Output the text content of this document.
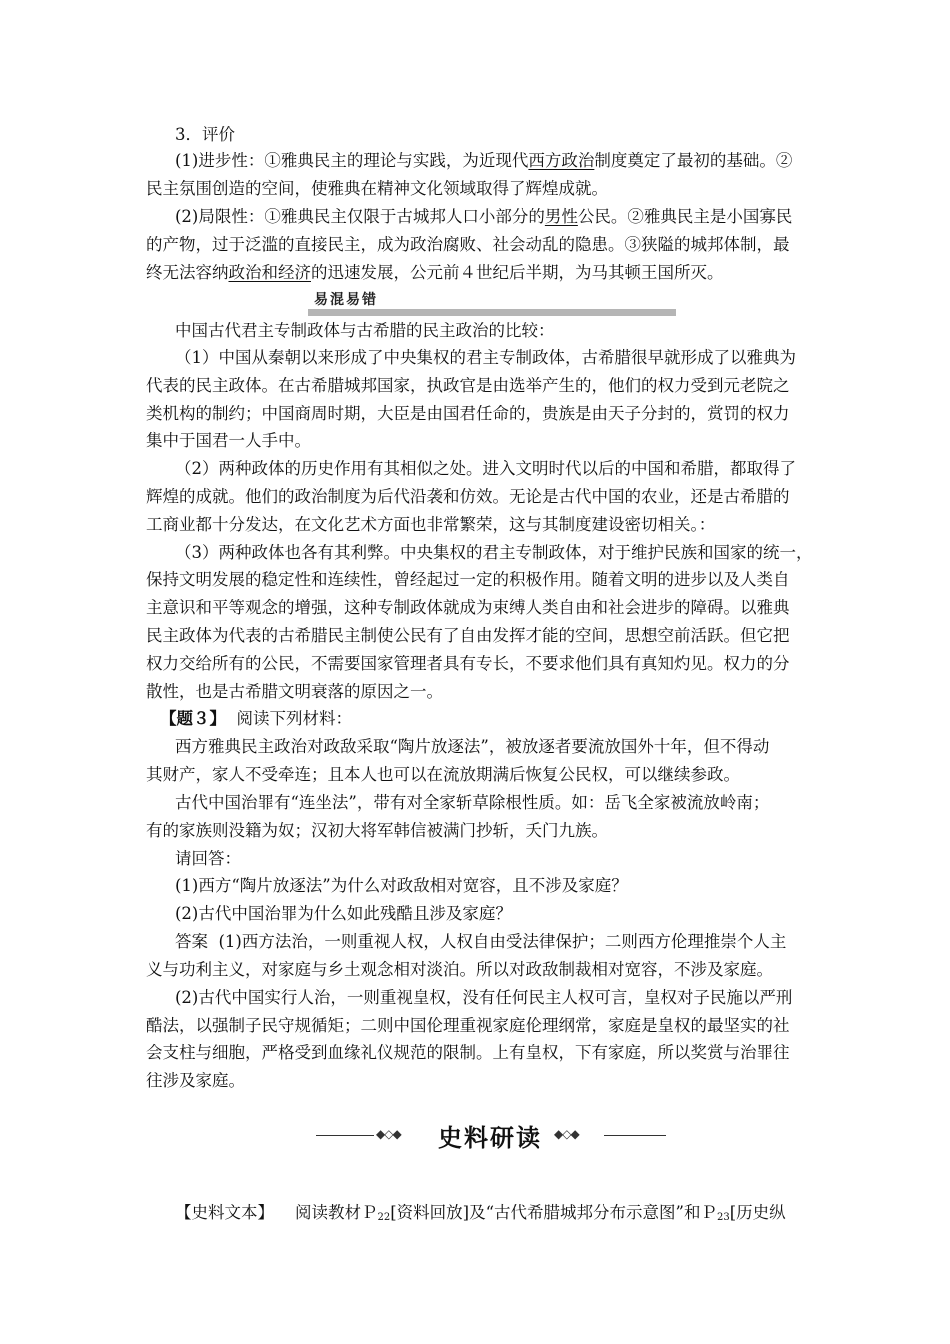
3．评价
(1)进步性：①雅典民主的理论与实践，为近现代西方政治制度奠定了最初的基础。②
民主氛围创造的空间，使雅典在精神文化领域取得了辉煌成就。
(2)局限性：①雅典民主仅限于古城邦人口小部分的男性公民。②雅典民主是小国寡民
的产物，过于泛滥的直接民主，成为政治腐败、社会动乱的隐患。③狭隘的城邦体制，最
终无法容纳政治和经济的迅速发展，公元前４世纪后半期，为马其顿王国所灭。
易混易错
中国古代君主专制政体与古希腊的民主政治的比较：
（1）中国从秦朝以来形成了中央集权的君主专制政体，古希腊很早就形成了以雅典为
代表的民主政体。在古希腊城邦国家，执政官是由选举产生的，他们的权力受到元老院之
类机构的制约；中国商周时期，大臣是由国君任命的，贵族是由天子分封的，赏罚的权力
集中于国君一人手中。
（2）两种政体的历史作用有其相似之处。进入文明时代以后的中国和希腊，都取得了
辉煌的成就。他们的政治制度为后代沿袭和仿效。无论是古代中国的农业，还是古希腊的
工商业都十分发达，在文化艺术方面也非常繁荣，这与其制度建设密切相关。：
（3）两种政体也各有其利弊。中央集权的君主专制政体，对于维护民族和国家的统一，
保持文明发展的稳定性和连续性，曾经起过一定的积极作用。随着文明的进步以及人类自
主意识和平等观念的增强，这种专制政体就成为束缚人类自由和社会进步的障碍。以雅典
民主政体为代表的古希腊民主制使公民有了自由发挥才能的空间，思想空前活跃。但它把
权力交给所有的公民，不需要国家管理者具有专长，不要求他们具有真知灼见。权力的分
散性，也是古希腊文明衰落的原因之一。
【题３】 阅读下列材料：
西方雅典民主政治对政敌采取“陶片放逐法”，被放逐者要流放国外十年，但不得动
其财产，家人不受牵连；且本人也可以在流放期满后恢复公民权，可以继续参政。
古代中国治罪有“连坐法”，带有对全家斩草除根性质。如：岳飞全家被流放岭南；
有的家族则没籍为奴；汉初大将军韩信被满门抄斩，夭门九族。
请回答：
(1)西方“陶片放逐法”为什么对政敌相对宽容，且不涉及家庭？
(2)古代中国治罪为什么如此残酷且涉及家庭？
答案 (1)西方法治，一则重视人权，人权自由受法律保护；二则西方伦理推崇个人主
义与功利主义，对家庭与乡土观念相对淡泊。所以对政敌制裁相对宽容，不涉及家庭。
(2)古代中国实行人治，一则重视皇权，没有任何民主人权可言，皇权对子民施以严刑
酷法，以强制子民守规循矩；二则中国伦理重视家庭伦理纲常，家庭是皇权的最坚实的社
会支柱与细胞，严格受到血缘礼仪规范的限制。上有皇权，下有家庭，所以奖赏与治罪往
往涉及家庭。
◆◇◆ 史料研读 ◆◇◆
【史料文本】 阅读教材Ｐ22[资料回放]及“古代希腊城邦分布示意图”和Ｐ23[历史纵
